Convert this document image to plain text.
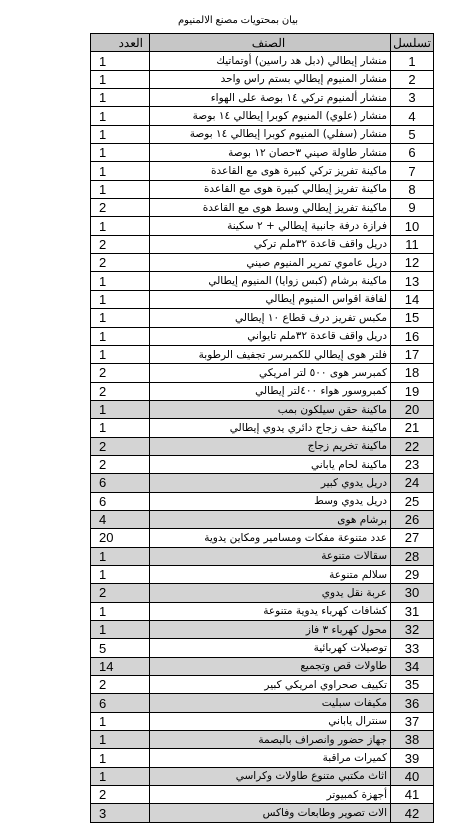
بيان بمحتويات مصنع الالمنيوم
العدد	الصنف	تسلسل
1	منشار إيطالي (دبل هد راسين) أوتماتيك	1
1	منشار المنيوم إيطالي بستم راس واحد	2
1	منشار ألمنيوم تركي ١٤ بوصة على الهواء	3
1	منشار (علوي) المنيوم كوبرا إيطالي ١٤ بوصة	4
1	منشار (سفلي) المنيوم كوبرا إيطالي ١٤ بوصة	5
1	منشار طاولة صيني ٣حصان ١٢ بوصة	6
1	ماكينة تفريز تركي كبيرة هوى مع القاعدة	7
1	ماكينة تفريز إيطالي كبيرة هوى مع القاعدة	8
2	ماكينة تفريز إيطالي وسط هوى مع القاعدة	9
1	فرازة درفة جانبية إيطالي + ٢ سكينة	10
2	دريل واقف قاعدة ٣٢ملم تركي	11
2	دريل عاموي تمرير المنيوم صيني	12
1	ماكينة برشام (كبس زوايا) المنيوم إيطالي	13
1	لفافة اقواس المنيوم إيطالي	14
1	مكبس تفريز درف قطاع ١٠ إيطالي	15
1	دريل واقف قاعدة ٣٢ملم تايواني	16
1	فلتر هوى إيطالي للكمبرسر تجفيف الرطوبة	17
2	كمبرسر هوى ٥٠٠ لتر امريكي	18
2	كمبروسور هواء ٤٠٠لتر إيطالي	19
1	ماكينة حقن سيلكون بمب	20
1	ماكينة حف زجاج دائري يدوي إيطالي	21
2	ماكينة تخريم زجاج	22
2	ماكينة لحام ياباني	23
6	دريل يدوي كبير	24
6	دريل يدوي وسط	25
4	برشام هوى	26
20	عدد متنوعة مفكات ومسامير ومكاين يدوية	27
1	سقالات متنوعة	28
1	سلالم متنوعة	29
2	عربة نقل يدوي	30
1	كشافات كهرباء يدوية متنوعة	31
1	محول كهرباء ٣ فاز	32
5	توصيلات كهربائية	33
14	طاولات قص وتجميع	34
2	تكييف صحراوي امريكي كبير	35
6	مكيفات سبليت	36
1	سنترال ياباني	37
1	جهاز حضور وانصراف بالبصمة	38
1	كميرات مراقبة	39
1	اثاث مكتبي متنوع طاولات وكراسي	40
2	أجهزة كمبيوتر	41
3	الات تصوير وطابعات وفاكس	42
